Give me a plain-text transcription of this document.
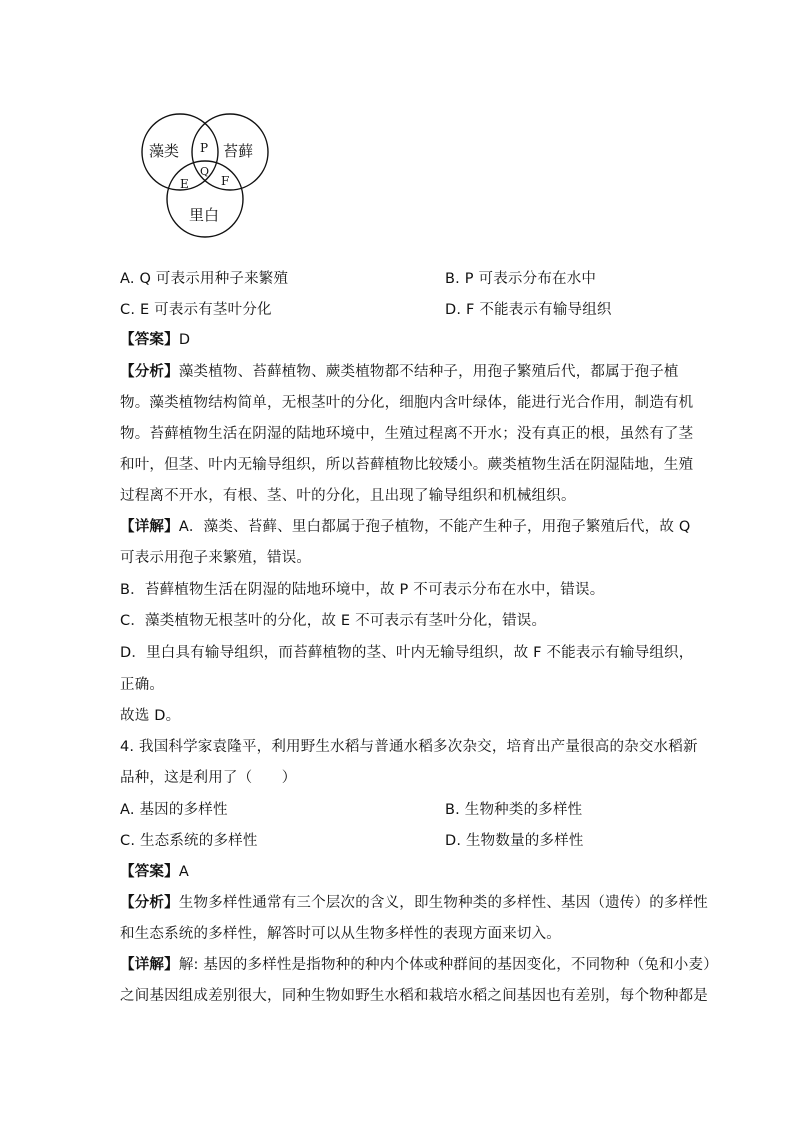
藻类	苔藓
里白
P
Q
E	F
A. Q 可表示用种子来繁殖	B. P 可表示分布在水中
C. E 可表示有茎叶分化	D. F 不能表示有输导组织
【答案】D
【分析】藻类植物、苔藓植物、蕨类植物都不结种子，用孢子繁殖后代，都属于孢子植
物。藻类植物结构简单，无根茎叶的分化，细胞内含叶绿体，能进行光合作用，制造有机
物。苔藓植物生活在阴湿的陆地环境中，生殖过程离不开水；没有真正的根，虽然有了茎
和叶，但茎、叶内无输导组织，所以苔藓植物比较矮小。蕨类植物生活在阴湿陆地，生殖
过程离不开水，有根、茎、叶的分化，且出现了输导组织和机械组织。
【详解】A．藻类、苔藓、里白都属于孢子植物，不能产生种子，用孢子繁殖后代，故 Q
可表示用孢子来繁殖，错误。
B．苔藓植物生活在阴湿的陆地环境中，故 P 不可表示分布在水中，错误。
C．藻类植物无根茎叶的分化，故 E 不可表示有茎叶分化，错误。
D．里白具有输导组织，而苔藓植物的茎、叶内无输导组织，故 F 不能表示有输导组织，
正确。
故选 D。
4. 我国科学家袁隆平，利用野生水稻与普通水稻多次杂交，培育出产量很高的杂交水稻新
品种，这是利用了（　　）
A. 基因的多样性	B. 生物种类的多样性
C. 生态系统的多样性	D. 生物数量的多样性
【答案】A
【分析】生物多样性通常有三个层次的含义，即生物种类的多样性、基因（遗传）的多样性
和生态系统的多样性，解答时可以从生物多样性的表现方面来切入。
【详解】解: 基因的多样性是指物种的种内个体或种群间的基因变化，不同物种（兔和小麦）
之间基因组成差别很大，同种生物如野生水稻和栽培水稻之间基因也有差别，每个物种都是
